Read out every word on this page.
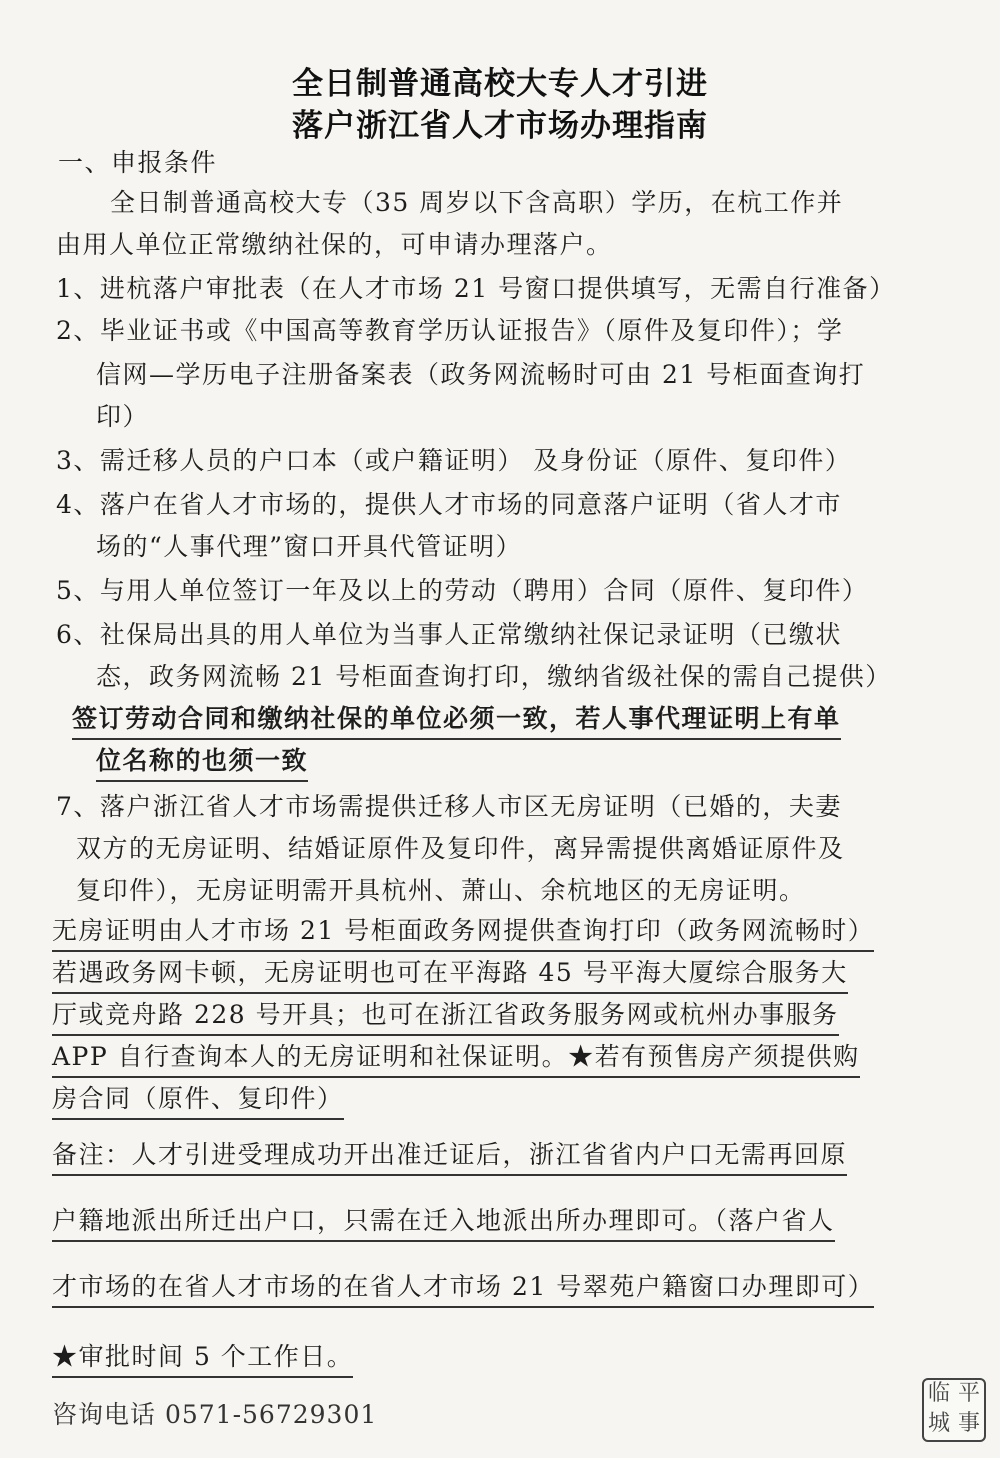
全日制普通高校大专人才引进
落户浙江省人才市场办理指南
一、申报条件
全日制普通高校大专（35 周岁以下含高职）学历，在杭工作并
由用人单位正常缴纳社保的，可申请办理落户。
1、进杭落户审批表（在人才市场 21 号窗口提供填写，无需自行准备）
2、毕业证书或《中国高等教育学历认证报告》（原件及复印件）；学
信网—学历电子注册备案表（政务网流畅时可由 21 号柜面查询打
印）
3、需迁移人员的户口本（或户籍证明） 及身份证（原件、复印件）
4、落户在省人才市场的，提供人才市场的同意落户证明（省人才市
场的“人事代理”窗口开具代管证明）
5、与用人单位签订一年及以上的劳动（聘用）合同（原件、复印件）
6、社保局出具的用人单位为当事人正常缴纳社保记录证明（已缴状
态，政务网流畅 21 号柜面查询打印，缴纳省级社保的需自己提供）
签订劳动合同和缴纳社保的单位必须一致，若人事代理证明上有单
位名称的也须一致
7、落户浙江省人才市场需提供迁移人市区无房证明（已婚的，夫妻
双方的无房证明、结婚证原件及复印件，离异需提供离婚证原件及
复印件），无房证明需开具杭州、萧山、余杭地区的无房证明。
无房证明由人才市场 21 号柜面政务网提供查询打印（政务网流畅时）
若遇政务网卡顿，无房证明也可在平海路 45 号平海大厦综合服务大
厅或竞舟路 228 号开具；也可在浙江省政务服务网或杭州办事服务
APP 自行查询本人的无房证明和社保证明。★若有预售房产须提供购
房合同（原件、复印件）
备注：人才引进受理成功开出准迁证后，浙江省省内户口无需再回原
户籍地派出所迁出户口，只需在迁入地派出所办理即可。（落户省人
才市场的在省人才市场的在省人才市场 21 号翠苑户籍窗口办理即可）
★审批时间 5 个工作日。
咨询电话 0571-56729301
临 平
城 事
